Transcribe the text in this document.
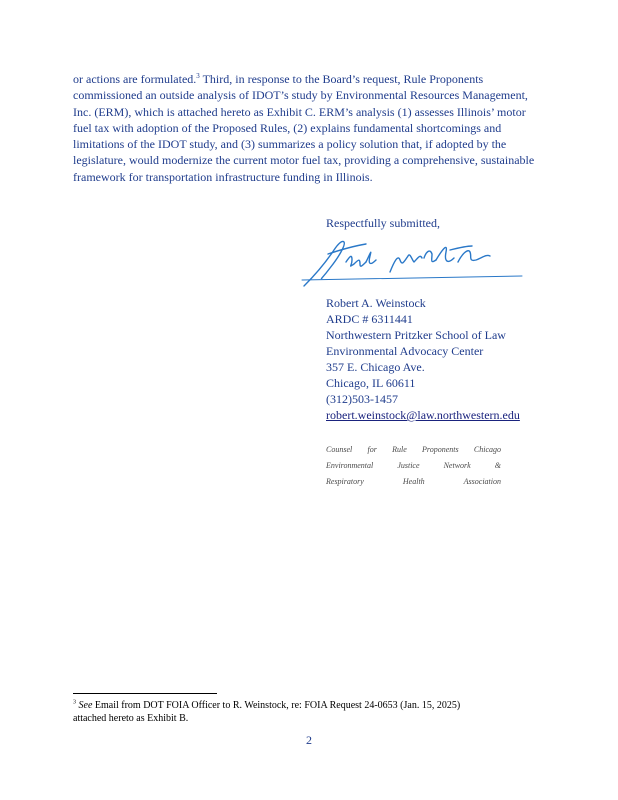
or actions are formulated.$^3$ Third, in response to the Board’s request, Rule Proponents
commissioned an outside analysis of IDOT’s study by Environmental Resources Management,
Inc. (ERM), which is attached hereto as Exhibit C. ERM’s analysis (1) assesses Illinois’ motor
fuel tax with adoption of the Proposed Rules, (2) explains fundamental shortcomings and
limitations of the IDOT study, and (3) summarizes a policy solution that, if adopted by the
legislature, would modernize the current motor fuel tax, providing a comprehensive, sustainable
framework for transportation infrastructure funding in Illinois.
Respectfully submitted,
Robert A. Weinstock
ARDC # 6311441
Northwestern Pritzker School of Law
Environmental Advocacy Center
357 E. Chicago Ave.
Chicago, IL 60611
(312)503-1457
robert.weinstock@law.northwestern.edu
Counsel for Rule Proponents Chicago
Environmental Justice Network &
Respiratory Health Association
$^3$ See Email from DOT FOIA Officer to R. Weinstock, re: FOIA Request 24-0653 (Jan. 15, 2025)
attached hereto as Exhibit B.
2
